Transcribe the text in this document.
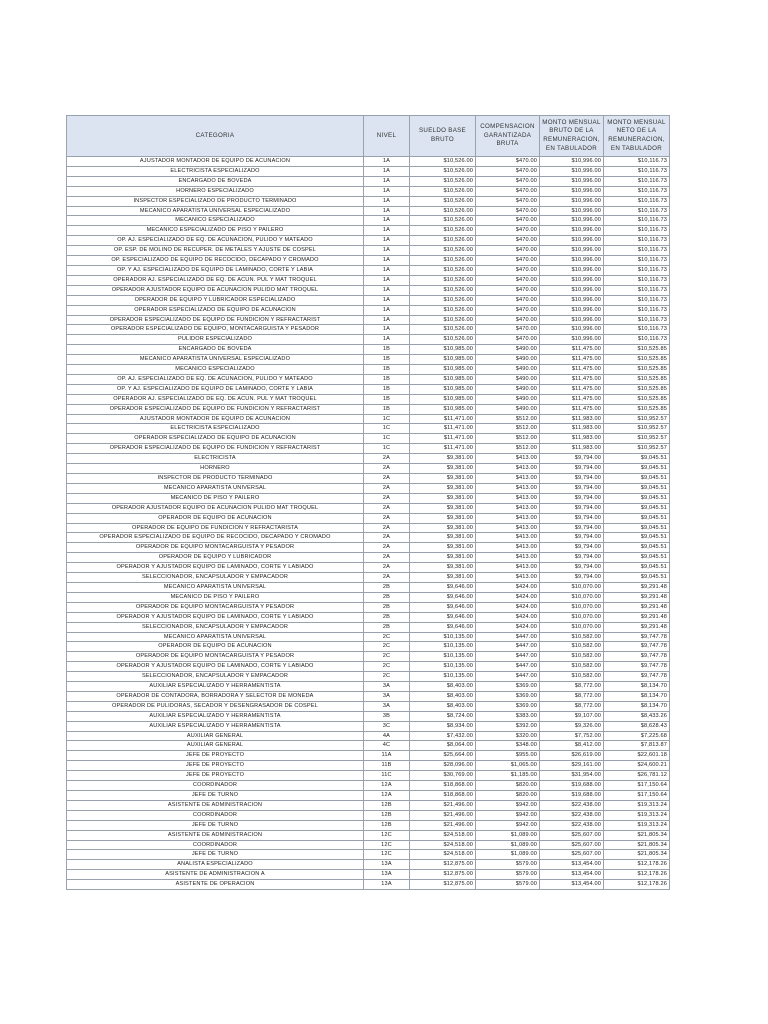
CATEGORIA	NIVEL	SUELDO BASE BRUTO	COMPENSACION GARANTIZADA BRUTA	MONTO MENSUAL BRUTO DE LA REMUNERACION, EN TABULADOR	MONTO MENSUAL NETO DE LA REMUNERACION, EN TABULADOR
AJUSTADOR MONTADOR DE EQUIPO DE ACUNACION	1A	$10,526.00	$470.00	$10,996.00	$10,116.73
ELECTRICISTA ESPECIALIZADO	1A	$10,526.00	$470.00	$10,996.00	$10,116.73
ENCARGADO DE BOVEDA	1A	$10,526.00	$470.00	$10,996.00	$10,116.73
HORNERO ESPECIALIZADO	1A	$10,526.00	$470.00	$10,996.00	$10,116.73
INSPECTOR ESPECIALIZADO DE PRODUCTO TERMINADO	1A	$10,526.00	$470.00	$10,996.00	$10,116.73
MECANICO APARATISTA UNIVERSAL ESPECIALIZADO	1A	$10,526.00	$470.00	$10,996.00	$10,116.73
MECANICO ESPECIALIZADO	1A	$10,526.00	$470.00	$10,996.00	$10,116.73
MECANICO ESPECIALIZADO DE PISO Y PAILERO	1A	$10,526.00	$470.00	$10,996.00	$10,116.73
OP. AJ. ESPECIALIZADO DE EQ. DE ACUNACION, PULIDO Y MATEADO	1A	$10,526.00	$470.00	$10,996.00	$10,116.73
OP. ESP. DE MOLINO DE RECUPER. DE METALES Y AJUSTE DE COSPEL	1A	$10,526.00	$470.00	$10,996.00	$10,116.73
OP. ESPECIALIZADO DE EQUIPO DE RECOCIDO, DECAPADO Y CROMADO	1A	$10,526.00	$470.00	$10,996.00	$10,116.73
OP. Y AJ. ESPECIALIZADO DE EQUIPO DE LAMINADO, CORTE Y LABIA	1A	$10,526.00	$470.00	$10,996.00	$10,116.73
OPERADOR AJ. ESPECIALIZADO DE EQ. DE ACUN. PUL Y MAT TROQUEL	1A	$10,526.00	$470.00	$10,996.00	$10,116.73
OPERADOR AJUSTADOR EQUIPO DE ACUNACION PULIDO MAT TROQUEL	1A	$10,526.00	$470.00	$10,996.00	$10,116.73
OPERADOR DE EQUIPO Y LUBRICADOR ESPECIALIZADO	1A	$10,526.00	$470.00	$10,996.00	$10,116.73
OPERADOR ESPECIALIZADO DE EQUIPO DE ACUNACION	1A	$10,526.00	$470.00	$10,996.00	$10,116.73
OPERADOR ESPECIALIZADO DE EQUIPO DE FUNDICION Y REFRACTARIST	1A	$10,526.00	$470.00	$10,996.00	$10,116.73
OPERADOR ESPECIALIZADO DE EQUIPO, MONTACARGUISTA Y PESADOR	1A	$10,526.00	$470.00	$10,996.00	$10,116.73
PULIDOR ESPECIALIZADO	1A	$10,526.00	$470.00	$10,996.00	$10,116.73
ENCARGADO DE BOVEDA	1B	$10,985.00	$490.00	$11,475.00	$10,525.85
MECANICO APARATISTA UNIVERSAL ESPECIALIZADO	1B	$10,985.00	$490.00	$11,475.00	$10,525.85
MECANICO ESPECIALIZADO	1B	$10,985.00	$490.00	$11,475.00	$10,525.85
OP. AJ. ESPECIALIZADO DE EQ. DE ACUNACION, PULIDO Y MATEADO	1B	$10,985.00	$490.00	$11,475.00	$10,525.85
OP. Y AJ. ESPECIALIZADO DE EQUIPO DE LAMINADO, CORTE Y LABIA	1B	$10,985.00	$490.00	$11,475.00	$10,525.85
OPERADOR AJ. ESPECIALIZADO DE EQ. DE ACUN. PUL Y MAT TROQUEL	1B	$10,985.00	$490.00	$11,475.00	$10,525.85
OPERADOR ESPECIALIZADO DE EQUIPO DE FUNDICION Y REFRACTARIST	1B	$10,985.00	$490.00	$11,475.00	$10,525.85
AJUSTADOR MONTADOR DE EQUIPO DE ACUNACION	1C	$11,471.00	$512.00	$11,983.00	$10,952.57
ELECTRICISTA ESPECIALIZADO	1C	$11,471.00	$512.00	$11,983.00	$10,952.57
OPERADOR ESPECIALIZADO DE EQUIPO DE ACUNACION	1C	$11,471.00	$512.00	$11,983.00	$10,952.57
OPERADOR ESPECIALIZADO DE EQUIPO DE FUNDICION Y REFRACTARIST	1C	$11,471.00	$512.00	$11,983.00	$10,952.57
ELECTRICISTA	2A	$9,381.00	$413.00	$9,794.00	$9,045.51
HORNERO	2A	$9,381.00	$413.00	$9,794.00	$9,045.51
INSPECTOR DE PRODUCTO TERMINADO	2A	$9,381.00	$413.00	$9,794.00	$9,045.51
MECANICO APARATISTA UNIVERSAL	2A	$9,381.00	$413.00	$9,794.00	$9,045.51
MECANICO DE PISO Y PAILERO	2A	$9,381.00	$413.00	$9,794.00	$9,045.51
OPERADOR AJUSTADOR EQUIPO DE ACUNACION PULIDO MAT TROQUEL	2A	$9,381.00	$413.00	$9,794.00	$9,045.51
OPERADOR DE EQUIPO DE ACUNACION	2A	$9,381.00	$413.00	$9,794.00	$9,045.51
OPERADOR DE EQUIPO DE FUNDICION Y REFRACTARISTA	2A	$9,381.00	$413.00	$9,794.00	$9,045.51
OPERADOR ESPECIALIZADO DE EQUIPO DE RECOCIDO, DECAPADO Y CROMADO	2A	$9,381.00	$413.00	$9,794.00	$9,045.51
OPERADOR DE EQUIPO MONTACARGUISTA Y PESADOR	2A	$9,381.00	$413.00	$9,794.00	$9,045.51
OPERADOR DE EQUIPO Y LUBRICADOR	2A	$9,381.00	$413.00	$9,794.00	$9,045.51
OPERADOR Y AJUSTADOR EQUIPO DE LAMINADO, CORTE Y LABIADO	2A	$9,381.00	$413.00	$9,794.00	$9,045.51
SELECCIONADOR, ENCAPSULADOR Y EMPACADOR	2A	$9,381.00	$413.00	$9,794.00	$9,045.51
MECANICO APARATISTA UNIVERSAL	2B	$9,646.00	$424.00	$10,070.00	$9,291.48
MECANICO DE PISO Y PAILERO	2B	$9,646.00	$424.00	$10,070.00	$9,291.48
OPERADOR DE EQUIPO MONTACARGUISTA Y PESADOR	2B	$9,646.00	$424.00	$10,070.00	$9,291.48
OPERADOR Y AJUSTADOR EQUIPO DE LAMINADO, CORTE Y LABIADO	2B	$9,646.00	$424.00	$10,070.00	$9,291.48
SELECCIONADOR, ENCAPSULADOR Y EMPACADOR	2B	$9,646.00	$424.00	$10,070.00	$9,291.48
MECANICO APARATISTA UNIVERSAL	2C	$10,135.00	$447.00	$10,582.00	$9,747.78
OPERADOR DE EQUIPO DE ACUNACION	2C	$10,135.00	$447.00	$10,582.00	$9,747.78
OPERADOR DE EQUIPO MONTACARGUISTA Y PESADOR	2C	$10,135.00	$447.00	$10,582.00	$9,747.78
OPERADOR Y AJUSTADOR EQUIPO DE LAMINADO, CORTE Y LABIADO	2C	$10,135.00	$447.00	$10,582.00	$9,747.78
SELECCIONADOR, ENCAPSULADOR Y EMPACADOR	2C	$10,135.00	$447.00	$10,582.00	$9,747.78
AUXILIAR ESPECIALIZADO Y HERRAMENTISTA	3A	$8,403.00	$369.00	$8,772.00	$8,134.70
OPERADOR DE CONTADORA, BORRADORA Y SELECTOR DE MONEDA	3A	$8,403.00	$369.00	$8,772.00	$8,134.70
OPERADOR DE PULIDORAS, SECADOR Y DESENGRASADOR DE COSPEL	3A	$8,403.00	$369.00	$8,772.00	$8,134.70
AUXILIAR ESPECIALIZADO Y HERRAMENTISTA	3B	$8,724.00	$383.00	$9,107.00	$8,433.26
AUXILIAR ESPECIALIZADO Y HERRAMENTISTA	3C	$8,934.00	$392.00	$9,326.00	$8,628.43
AUXILIAR GENERAL	4A	$7,432.00	$320.00	$7,752.00	$7,225.68
AUXILIAR GENERAL	4C	$8,064.00	$348.00	$8,412.00	$7,813.87
JEFE DE PROYECTO	11A	$25,664.00	$955.00	$26,619.00	$22,601.18
JEFE DE PROYECTO	11B	$28,096.00	$1,065.00	$29,161.00	$24,600.21
JEFE DE PROYECTO	11C	$30,769.00	$1,185.00	$31,954.00	$26,781.12
COORDINADOR	12A	$18,868.00	$820.00	$19,688.00	$17,150.64
JEFE DE TURNO	12A	$18,868.00	$820.00	$19,688.00	$17,150.64
ASISTENTE DE ADMINISTRACION	12B	$21,496.00	$942.00	$22,438.00	$19,313.24
COORDINADOR	12B	$21,496.00	$942.00	$22,438.00	$19,313.24
JEFE DE TURNO	12B	$21,496.00	$942.00	$22,438.00	$19,313.24
ASISTENTE DE ADMINISTRACION	12C	$24,518.00	$1,089.00	$25,607.00	$21,805.34
COORDINADOR	12C	$24,518.00	$1,089.00	$25,607.00	$21,805.34
JEFE DE TURNO	12C	$24,518.00	$1,089.00	$25,607.00	$21,805.34
ANALISTA ESPECIALIZADO	13A	$12,875.00	$579.00	$13,454.00	$12,178.26
ASISTENTE DE ADMINISTRACION A	13A	$12,875.00	$579.00	$13,454.00	$12,178.26
ASISTENTE DE OPERACION	13A	$12,875.00	$579.00	$13,454.00	$12,178.26
